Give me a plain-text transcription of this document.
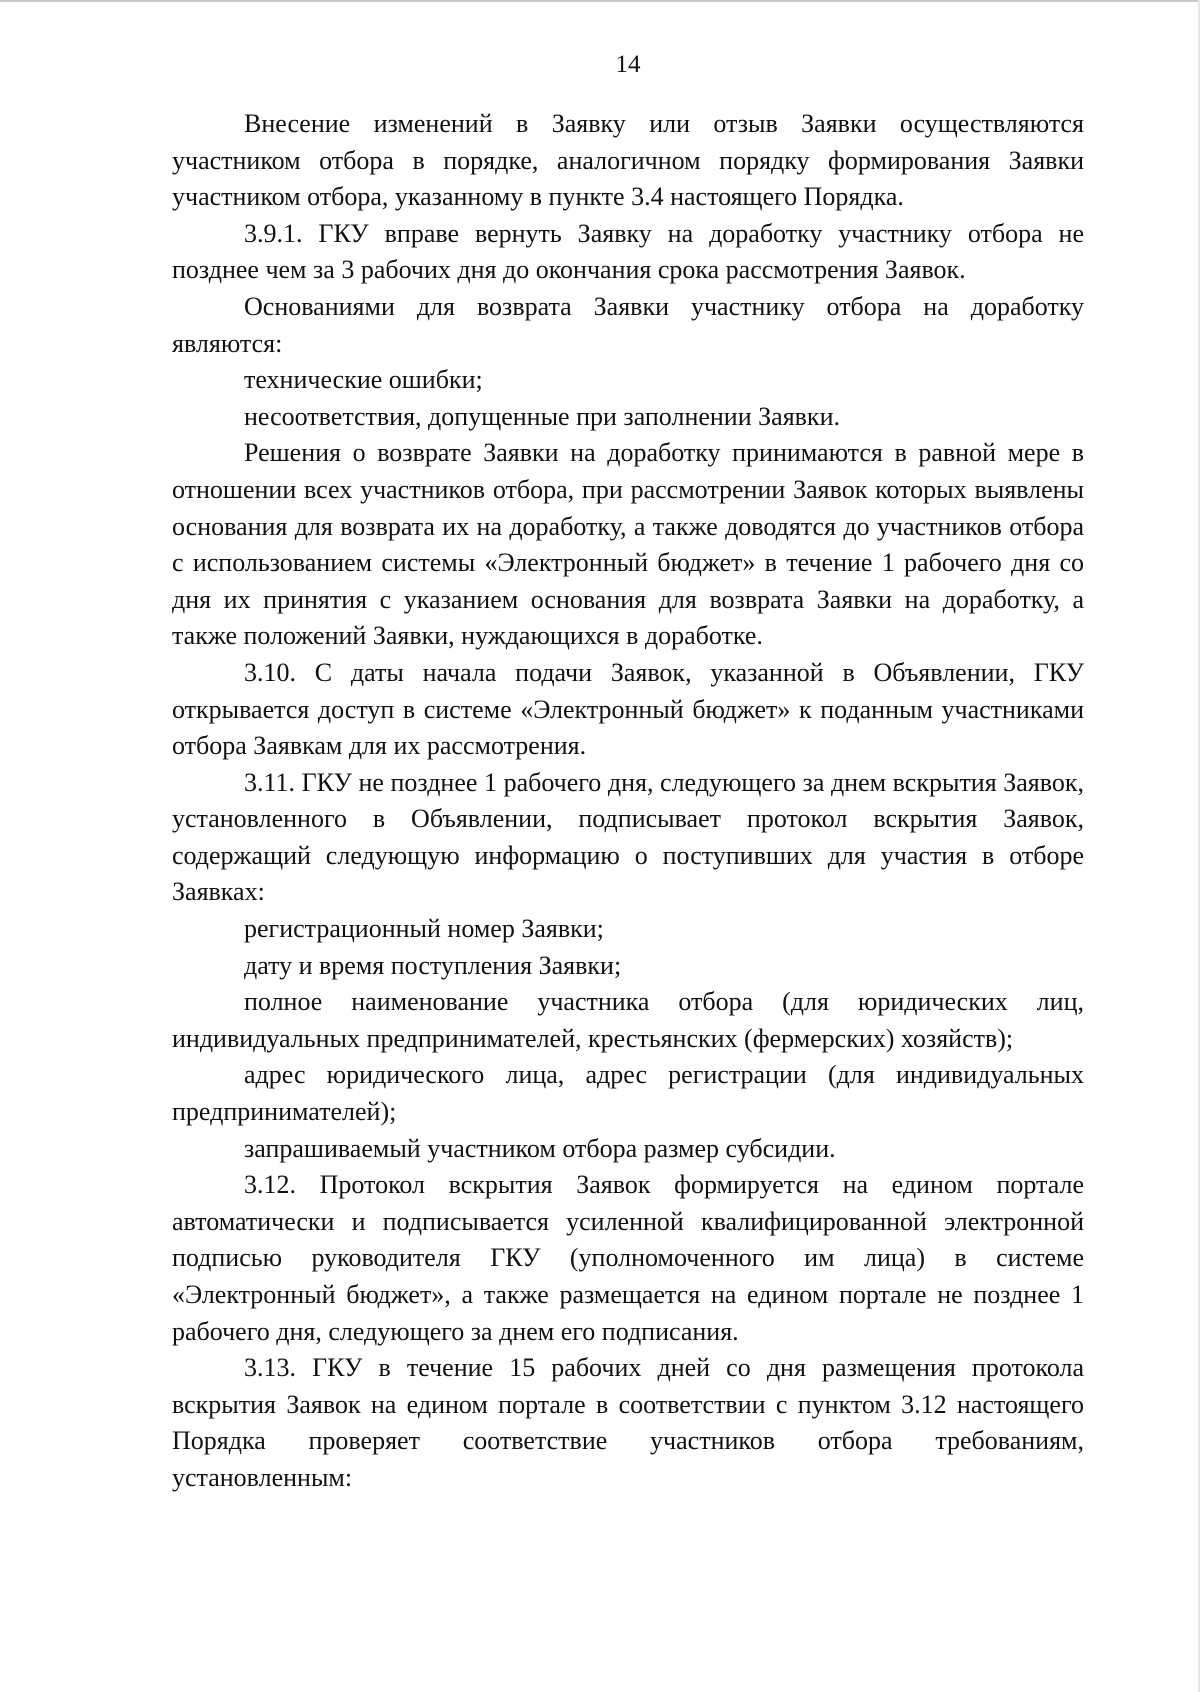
14

Внесение изменений в Заявку или отзыв Заявки осуществляются участником отбора в порядке, аналогичном порядку формирования Заявки участником отбора, указанному в пункте 3.4 настоящего Порядка.

3.9.1. ГКУ вправе вернуть Заявку на доработку участнику отбора не позднее чем за 3 рабочих дня до окончания срока рассмотрения Заявок.

Основаниями для возврата Заявки участнику отбора на доработку являются:

технические ошибки;

несоответствия, допущенные при заполнении Заявки.

Решения о возврате Заявки на доработку принимаются в равной мере в отношении всех участников отбора, при рассмотрении Заявок которых выявлены основания для возврата их на доработку, а также доводятся до участников отбора с использованием системы «Электронный бюджет» в течение 1 рабочего дня со дня их принятия с указанием основания для возврата Заявки на доработку, а также положений Заявки, нуждающихся в доработке.

3.10. С даты начала подачи Заявок, указанной в Объявлении, ГКУ открывается доступ в системе «Электронный бюджет» к поданным участниками отбора Заявкам для их рассмотрения.

3.11. ГКУ не позднее 1 рабочего дня, следующего за днем вскрытия Заявок, установленного в Объявлении, подписывает протокол вскрытия Заявок, содержащий следующую информацию о поступивших для участия в отборе Заявках:

регистрационный номер Заявки;

дату и время поступления Заявки;

полное наименование участника отбора (для юридических лиц, индивидуальных предпринимателей, крестьянских (фермерских) хозяйств);

адрес юридического лица, адрес регистрации (для индивидуальных предпринимателей);

запрашиваемый участником отбора размер субсидии.

3.12. Протокол вскрытия Заявок формируется на едином портале автоматически и подписывается усиленной квалифицированной электронной подписью руководителя ГКУ (уполномоченного им лица) в системе «Электронный бюджет», а также размещается на едином портале не позднее 1 рабочего дня, следующего за днем его подписания.

3.13. ГКУ в течение 15 рабочих дней со дня размещения протокола вскрытия Заявок на едином портале в соответствии с пунктом 3.12 настоящего Порядка проверяет соответствие участников отбора требованиям, установленным:
